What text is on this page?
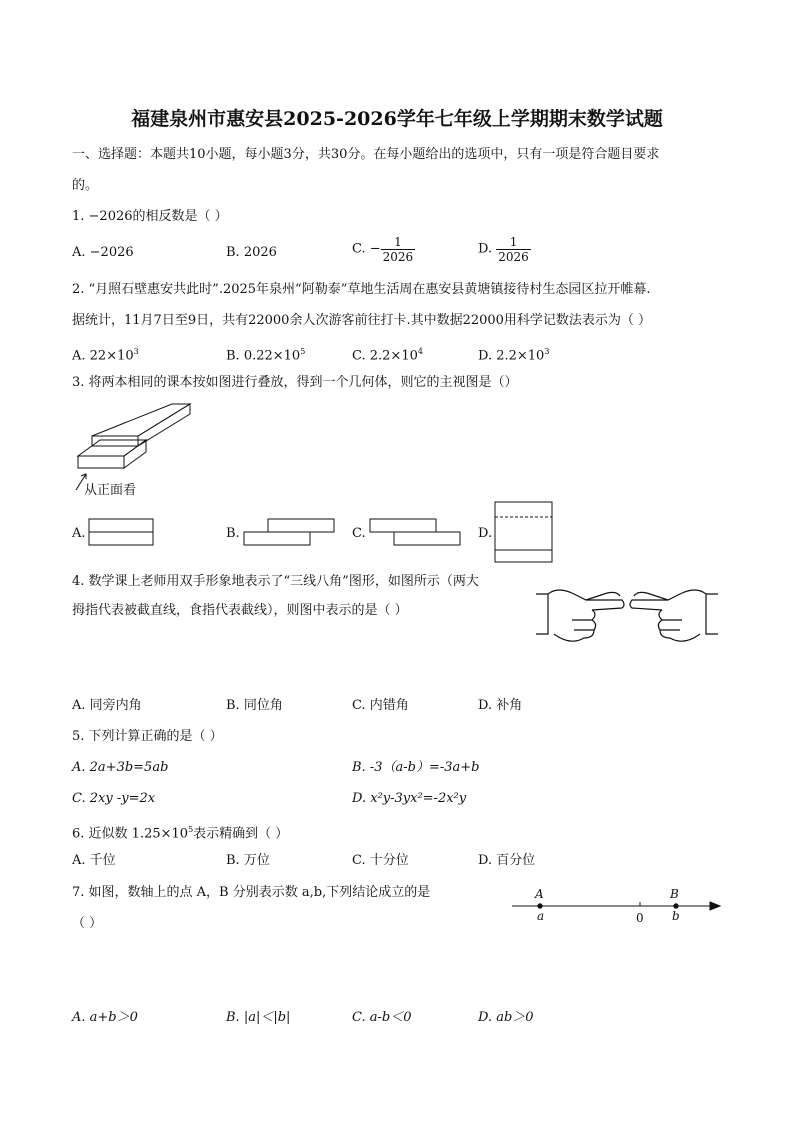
福建泉州市惠安县2025-2026学年七年级上学期期末数学试题
一、选择题：本题共10小题，每小题3分，共30分。在每小题给出的选项中，只有一项是符合题目要求
的。
1. −2026的相反数是（ ）
A. −2026	B. 2026	C. − $\frac{1}{2026}$	D. $\frac{1}{2026}$
2. “月照石壁惠安共此时”.2025年泉州“阿勒泰”草地生活周在惠安县黄塘镇接待村生态园区拉开帷幕.
据统计，11月7日至9日，共有22000余人次游客前往打卡.其中数据22000用科学记数法表示为（ ）
A. $22\times 10^3$	B. $0.22\times 10^5$	C. $2.2\times 10^4$	D. $2.2\times 10^3$
3. 将两本相同的课本按如图进行叠放，得到一个几何体，则它的主视图是（）
从正面看
A.	B.	C.	D.
4. 数学课上老师用双手形象地表示了“三线八角”图形，如图所示（两大
拇指代表被截直线，食指代表截线），则图中表示的是（ ）
A. 同旁内角	B. 同位角	C. 内错角	D. 补角
5. 下列计算正确的是（ ）
A. 2a+3b=5ab	B. -3（a-b）=-3a+b
C. 2xy -y=2x	D. x²y-3yx²=-2x²y
6. 近似数 $1.25\times 10^5$表示精确到（ ）
A. 千位	B. 万位	C. 十分位	D. 百分位
7. 如图，数轴上的点 A，B 分别表示数 a,b,下列结论成立的是
（ ）
A	B
a	b
0
A. a+b＞0	B. |a|＜|b|	C. a-b＜0	D. ab＞0
